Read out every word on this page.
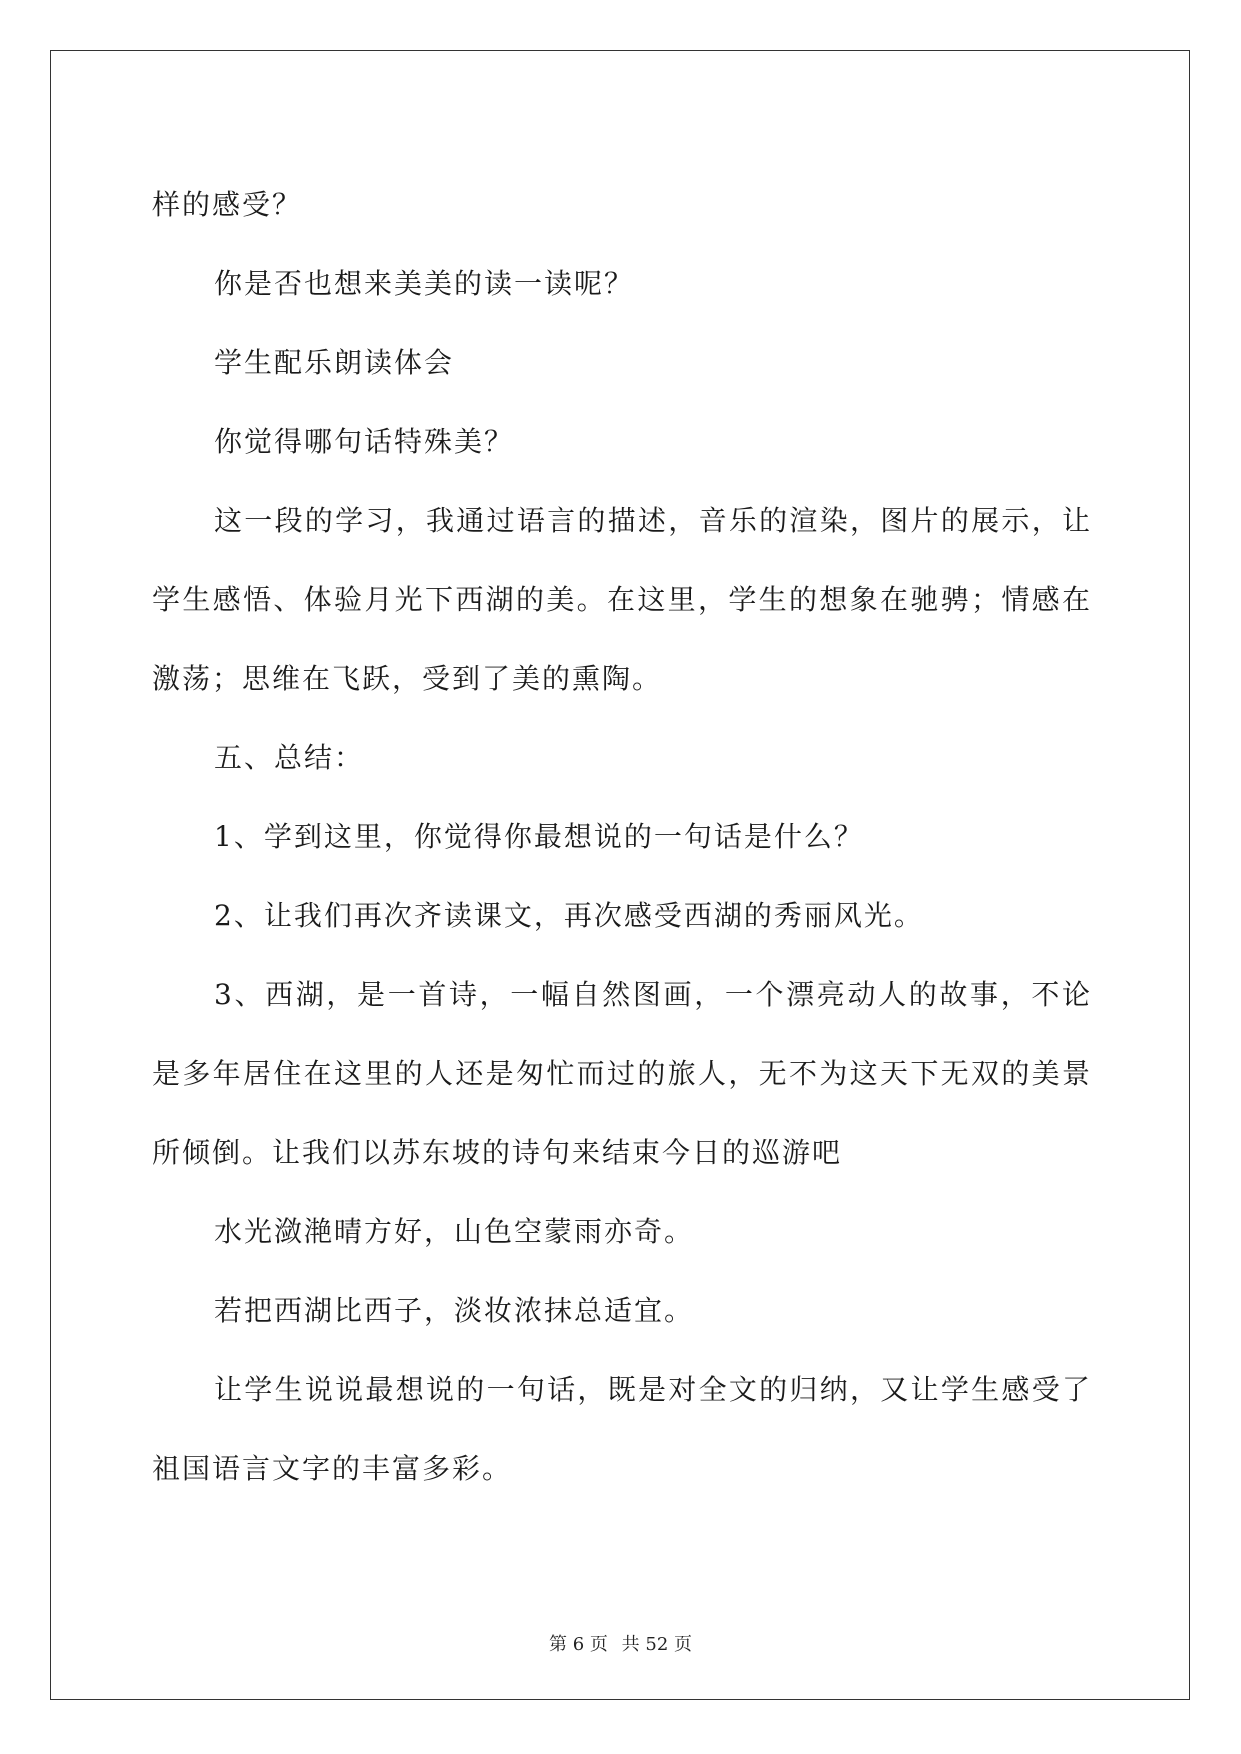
样的感受？

你是否也想来美美的读一读呢？

学生配乐朗读体会

你觉得哪句话特殊美？

这一段的学习，我通过语言的描述，音乐的渲染，图片的展示，让学生感悟、体验月光下西湖的美。在这里，学生的想象在驰骋；情感在激荡；思维在飞跃，受到了美的熏陶。

五、总结：

1、学到这里，你觉得你最想说的一句话是什么？

2、让我们再次齐读课文，再次感受西湖的秀丽风光。

3、西湖，是一首诗，一幅自然图画，一个漂亮动人的故事，不论是多年居住在这里的人还是匆忙而过的旅人，无不为这天下无双的美景所倾倒。让我们以苏东坡的诗句来结束今日的巡游吧

水光潋滟晴方好，山色空蒙雨亦奇。

若把西湖比西子，淡妆浓抹总适宜。

让学生说说最想说的一句话，既是对全文的归纳，又让学生感受了祖国语言文字的丰富多彩。

第 6 页 共 52 页
